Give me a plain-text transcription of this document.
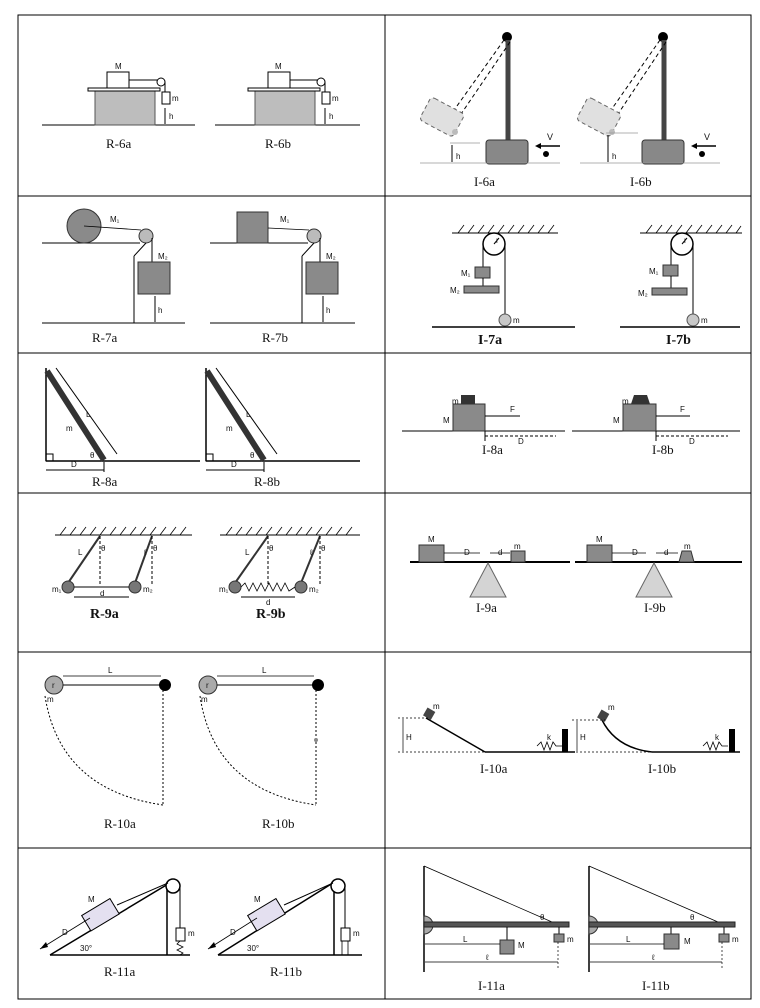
M
m
h
R-6a
M
m
h
R-6b	V
h
I-6a
V
h
I-6b
M₁
M₂
h
R-7a
M₁
M₂
h
R-7b
r
M₁
M₂
m
I-7a
r
M₁
M₂
m
I-7b
L
m
θ
D
R-8a
L
m
θ
D
R-8b
m
M
F
D
I-8a
m
M
F
D
I-8b
L θ	ℓ θ
m₁	m₂
d
R-9a
L θ	ℓ θ
m₁	m₂
d
R-9b
M
D	d
m
I-9a
M
D	d
m
I-9b
r
m
L
R-10a
r
m
L
R-10b
H
m
k
I-10a
H
m
k
I-10b
M
D
30°
m
R-11a
M
D
30°
m
R-11b
θ
L
M
m
ℓ
I-11a
θ
L	M	m
ℓ
I-11b
